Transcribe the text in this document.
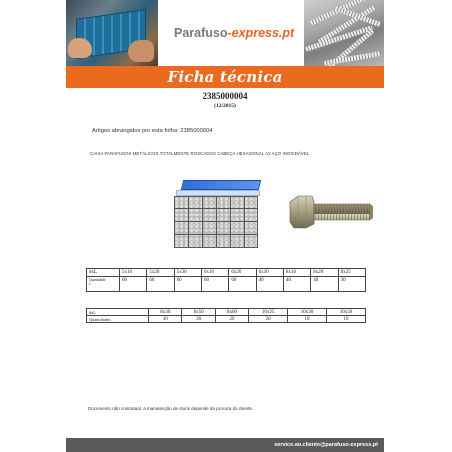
Parafuso-express.pt
Ficha técnica
2385000004
(12/2015)
Artigos abrangidos por esta folha: 2385000004
CAIXA PARAFUSOS METÁLICOS TOTALMENTE ROSCADOS CABEÇA HEXAGONAL A2 AÇO INOXIDÁVEL
dxL	5x16	5x20	5x30	6x16	6x20	6x30	8x16	8x20	8x25
Quantidade
s	60	60	60	60	60	40	40	40	30
dxL	8x30	8x50	8x60	10x25	10x30	10x50
Quantidades	30	30	20	20	10	10
Documento não contratual, a manutenção de stock depende da procura do cliente.
service.ao.cliente@parafuso-express.pt
